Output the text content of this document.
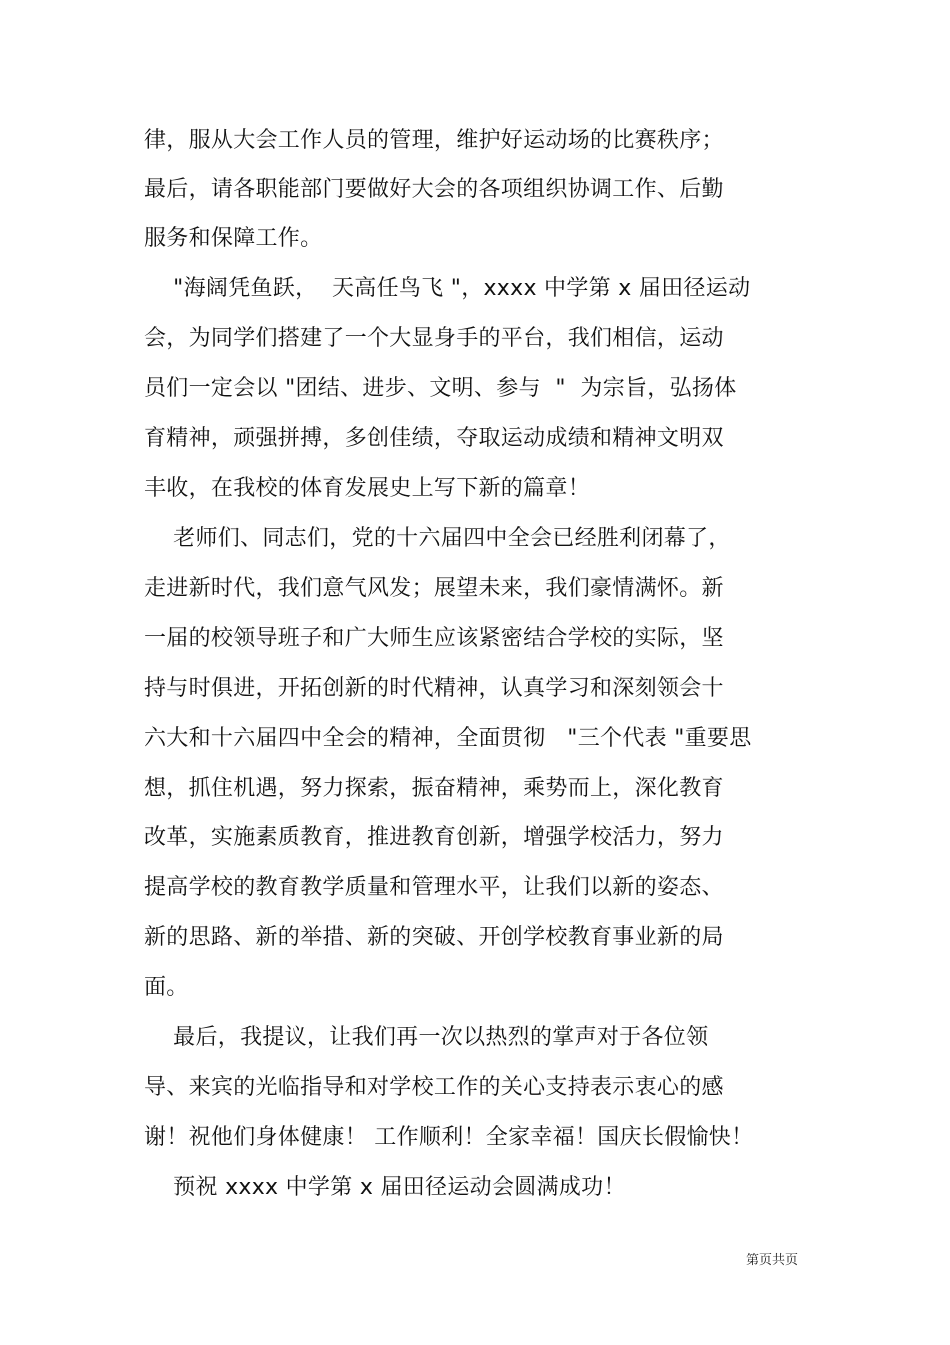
律，服从大会工作人员的管理，维护好运动场的比赛秩序；
最后，请各职能部门要做好大会的各项组织协调工作、后勤
服务和保障工作。
"海阔凭鱼跃，  天高任鸟飞 "，xxxx 中学第 x 届田径运动
会，为同学们搭建了一个大显身手的平台，我们相信，运动
员们一定会以 "团结、进步、文明、参与  "  为宗旨，弘扬体
育精神，顽强拼搏，多创佳绩，夺取运动成绩和精神文明双
丰收，在我校的体育发展史上写下新的篇章！
老师们、同志们，党的十六届四中全会已经胜利闭幕了，
走进新时代，我们意气风发；展望未来，我们豪情满怀。新
一届的校领导班子和广大师生应该紧密结合学校的实际，坚
持与时俱进，开拓创新的时代精神，认真学习和深刻领会十
六大和十六届四中全会的精神，全面贯彻   "三个代表 "重要思
想，抓住机遇，努力探索，振奋精神，乘势而上，深化教育
改革，实施素质教育，推进教育创新，增强学校活力，努力
提高学校的教育教学质量和管理水平，让我们以新的姿态、
新的思路、新的举措、新的突破、开创学校教育事业新的局
面。
最后，我提议，让我们再一次以热烈的掌声对于各位领
导、来宾的光临指导和对学校工作的关心支持表示衷心的感
谢！祝他们身体健康！ 工作顺利！全家幸福！国庆长假愉快！
预祝 xxxx 中学第 x 届田径运动会圆满成功！
第页共页
